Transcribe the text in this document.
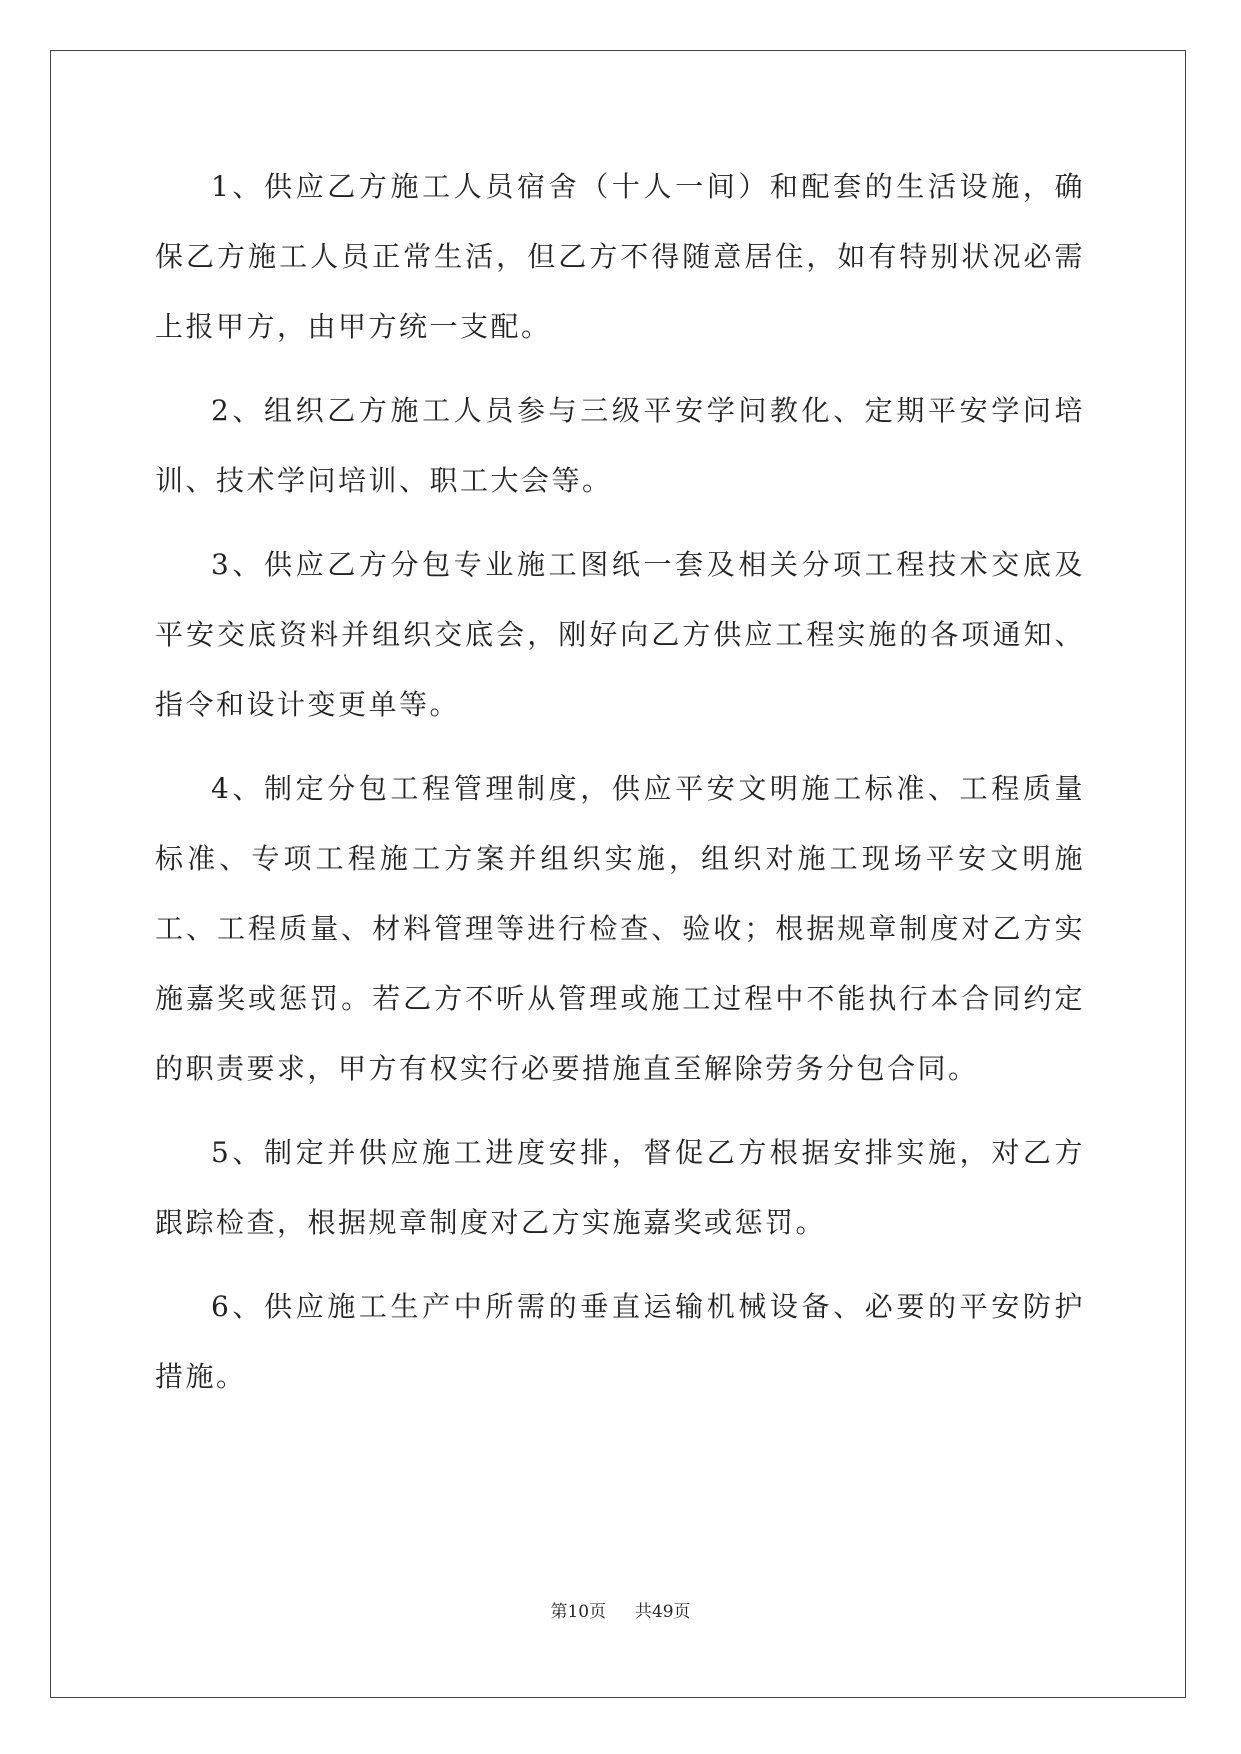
1、供应乙方施工人员宿舍（十人一间）和配套的生活设施，确保乙方施工人员正常生活，但乙方不得随意居住，如有特别状况必需上报甲方，由甲方统一支配。

2、组织乙方施工人员参与三级平安学问教化、定期平安学问培训、技术学问培训、职工大会等。

3、供应乙方分包专业施工图纸一套及相关分项工程技术交底及平安交底资料并组织交底会，刚好向乙方供应工程实施的各项通知、指令和设计变更单等。

4、制定分包工程管理制度，供应平安文明施工标准、工程质量标准、专项工程施工方案并组织实施，组织对施工现场平安文明施工、工程质量、材料管理等进行检查、验收；根据规章制度对乙方实施嘉奖或惩罚。若乙方不听从管理或施工过程中不能执行本合同约定的职责要求，甲方有权实行必要措施直至解除劳务分包合同。

5、制定并供应施工进度安排，督促乙方根据安排实施，对乙方跟踪检查，根据规章制度对乙方实施嘉奖或惩罚。

6、供应施工生产中所需的垂直运输机械设备、必要的平安防护措施。

第10页 共49页
